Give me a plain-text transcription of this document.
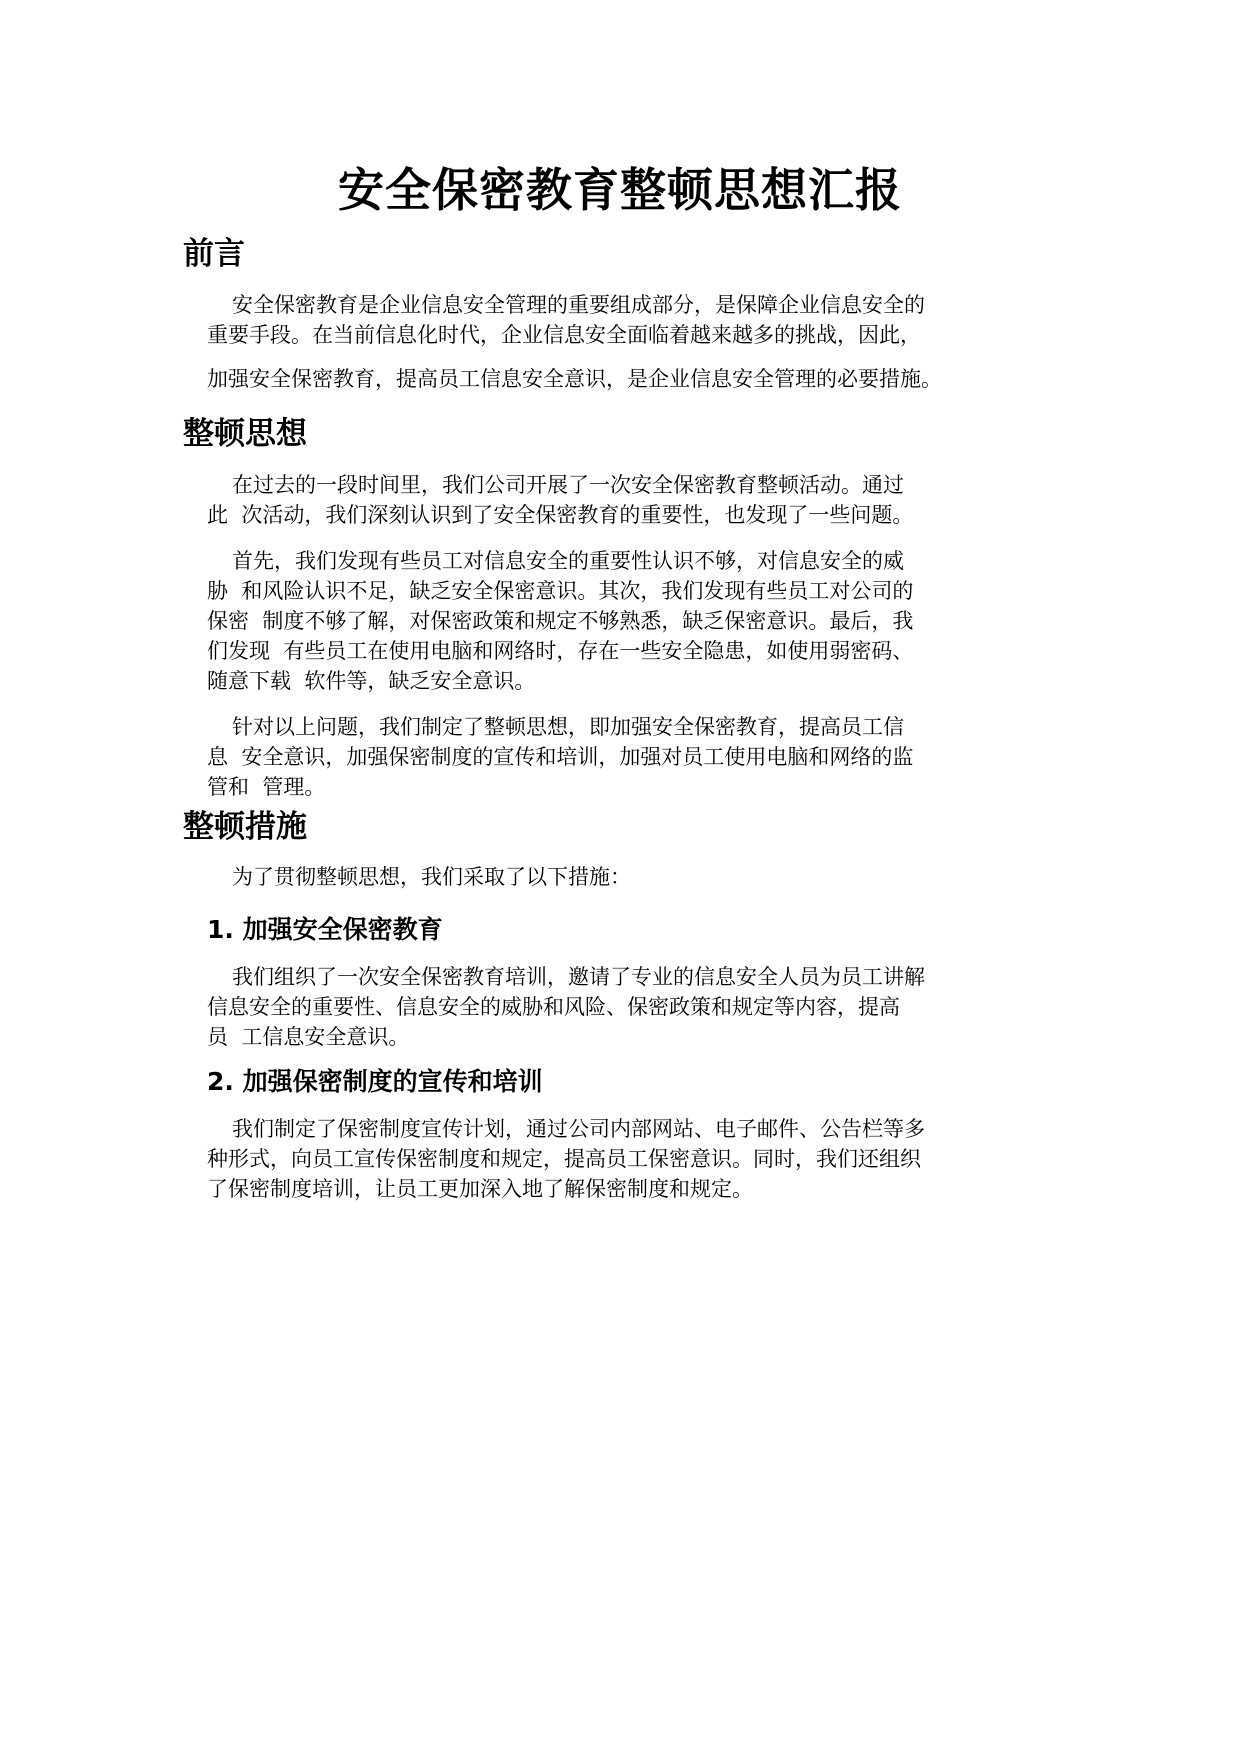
安全保密教育整顿思想汇报
前言
安全保密教育是企业信息安全管理的重要组成部分，是保障企业信息安全的
重要手段。在当前信息化时代，企业信息安全面临着越来越多的挑战，因此，
加强安全保密教育，提高员工信息安全意识，是企业信息安全管理的必要措施。
整顿思想
在过去的一段时间里，我们公司开展了一次安全保密教育整顿活动。通过
此  次活动，我们深刻认识到了安全保密教育的重要性，也发现了一些问题。
首先，我们发现有些员工对信息安全的重要性认识不够，对信息安全的威
胁  和风险认识不足，缺乏安全保密意识。其次，我们发现有些员工对公司的
保密  制度不够了解，对保密政策和规定不够熟悉，缺乏保密意识。最后，我
们发现  有些员工在使用电脑和网络时，存在一些安全隐患，如使用弱密码、
随意下载  软件等，缺乏安全意识。
针对以上问题，我们制定了整顿思想，即加强安全保密教育，提高员工信
息  安全意识，加强保密制度的宣传和培训，加强对员工使用电脑和网络的监
管和  管理。
整顿措施
为了贯彻整顿思想，我们采取了以下措施：
1. 加强安全保密教育
我们组织了一次安全保密教育培训，邀请了专业的信息安全人员为员工讲解
信息安全的重要性、信息安全的威胁和风险、保密政策和规定等内容，提高
员  工信息安全意识。
2. 加强保密制度的宣传和培训
我们制定了保密制度宣传计划，通过公司内部网站、电子邮件、公告栏等多
种形式，向员工宣传保密制度和规定，提高员工保密意识。同时，我们还组织
了保密制度培训，让员工更加深入地了解保密制度和规定。
